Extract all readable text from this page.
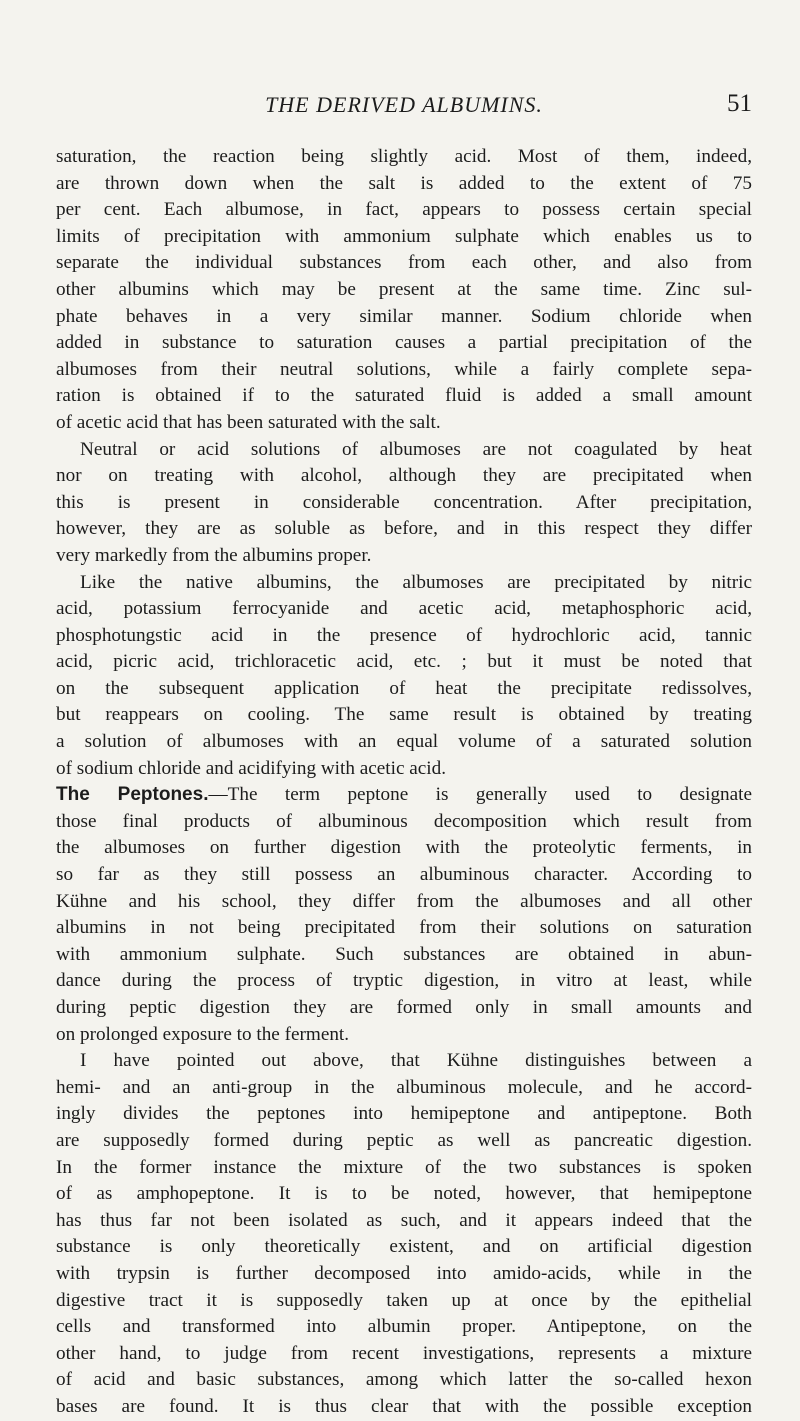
THE DERIVED ALBUMINS.	51
saturation, the reaction being slightly acid. Most of them, indeed,
are thrown down when the salt is added to the extent of 75
per cent. Each albumose, in fact, appears to possess certain special
limits of precipitation with ammonium sulphate which enables us to
separate the individual substances from each other, and also from
other albumins which may be present at the same time. Zinc sul-
phate behaves in a very similar manner. Sodium chloride when
added in substance to saturation causes a partial precipitation of the
albumoses from their neutral solutions, while a fairly complete sepa-
ration is obtained if to the saturated fluid is added a small amount
of acetic acid that has been saturated with the salt.
Neutral or acid solutions of albumoses are not coagulated by heat
nor on treating with alcohol, although they are precipitated when
this is present in considerable concentration. After precipitation,
however, they are as soluble as before, and in this respect they differ
very markedly from the albumins proper.
Like the native albumins, the albumoses are precipitated by nitric
acid, potassium ferrocyanide and acetic acid, metaphosphoric acid,
phosphotungstic acid in the presence of hydrochloric acid, tannic
acid, picric acid, trichloracetic acid, etc. ; but it must be noted that
on the subsequent application of heat the precipitate redissolves,
but reappears on cooling. The same result is obtained by treating
a solution of albumoses with an equal volume of a saturated solution
of sodium chloride and acidifying with acetic acid.
The Peptones.—The term peptone is generally used to designate
those final products of albuminous decomposition which result from
the albumoses on further digestion with the proteolytic ferments, in
so far as they still possess an albuminous character. According to
Kühne and his school, they differ from the albumoses and all other
albumins in not being precipitated from their solutions on saturation
with ammonium sulphate. Such substances are obtained in abun-
dance during the process of tryptic digestion, in vitro at least, while
during peptic digestion they are formed only in small amounts and
on prolonged exposure to the ferment.
I have pointed out above, that Kühne distinguishes between a
hemi- and an anti-group in the albuminous molecule, and he accord-
ingly divides the peptones into hemipeptone and antipeptone. Both
are supposedly formed during peptic as well as pancreatic digestion.
In the former instance the mixture of the two substances is spoken
of as amphopeptone. It is to be noted, however, that hemipeptone
has thus far not been isolated as such, and it appears indeed that the
substance is only theoretically existent, and on artificial digestion
with trypsin is further decomposed into amido-acids, while in the
digestive tract it is supposedly taken up at once by the epithelial
cells and transformed into albumin proper. Antipeptone, on the
other hand, to judge from recent investigations, represents a mixture
of acid and basic substances, among which latter the so-called hexon
bases are found. It is thus clear that with the possible exception
